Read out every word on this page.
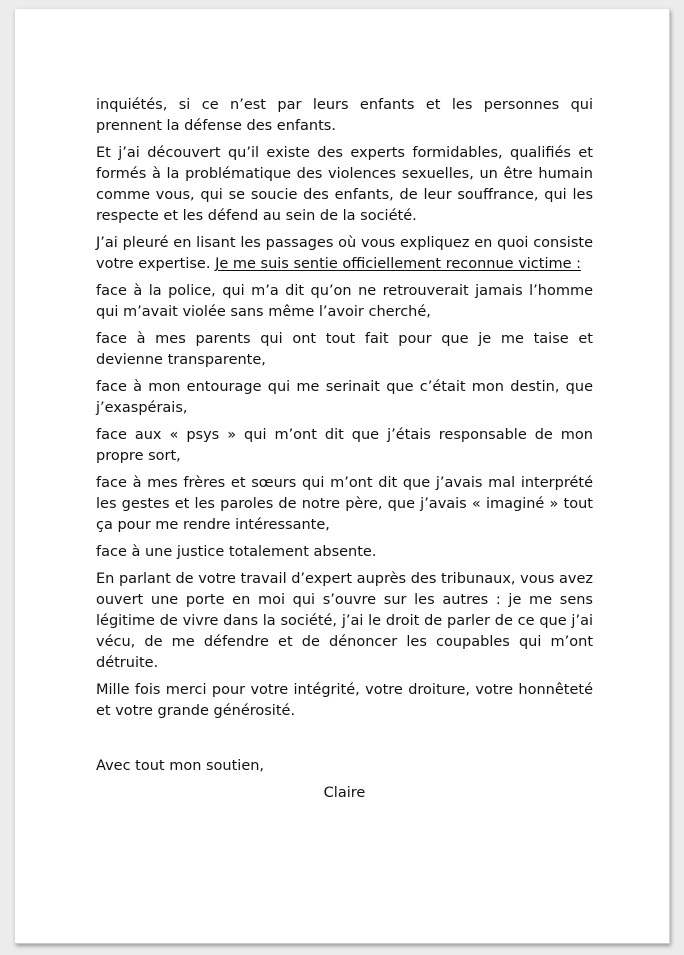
inquiétés, si ce n’est par leurs enfants et les personnes qui prennent la défense des enfants.

Et j’ai découvert qu’il existe des experts formidables, qualifiés et formés à la problématique des violences sexuelles, un être humain comme vous, qui se soucie des enfants, de leur souffrance, qui les respecte et les défend au sein de la société.

J’ai pleuré en lisant les passages où vous expliquez en quoi consiste votre expertise. Je me suis sentie officiellement reconnue victime :

face à la police, qui m’a dit qu’on ne retrouverait jamais l’homme qui m’avait violée sans même l’avoir cherché,

face à mes parents qui ont tout fait pour que je me taise et devienne transparente,

face à mon entourage qui me serinait que c’était mon destin, que j’exaspérais,

face aux « psys » qui m’ont dit que j’étais responsable de mon propre sort,

face à mes frères et sœurs qui m’ont dit que j’avais mal interprété les gestes et les paroles de notre père, que j’avais « imaginé » tout ça pour me rendre intéressante,

face à une justice totalement absente.

En parlant de votre travail d’expert auprès des tribunaux, vous avez ouvert une porte en moi qui s’ouvre sur les autres : je me sens légitime de vivre dans la société, j’ai le droit de parler de ce que j’ai vécu, de me défendre et de dénoncer les coupables qui m’ont détruite.

Mille fois merci pour votre intégrité, votre droiture, votre honnêteté et votre grande générosité.

Avec tout mon soutien,

Claire
